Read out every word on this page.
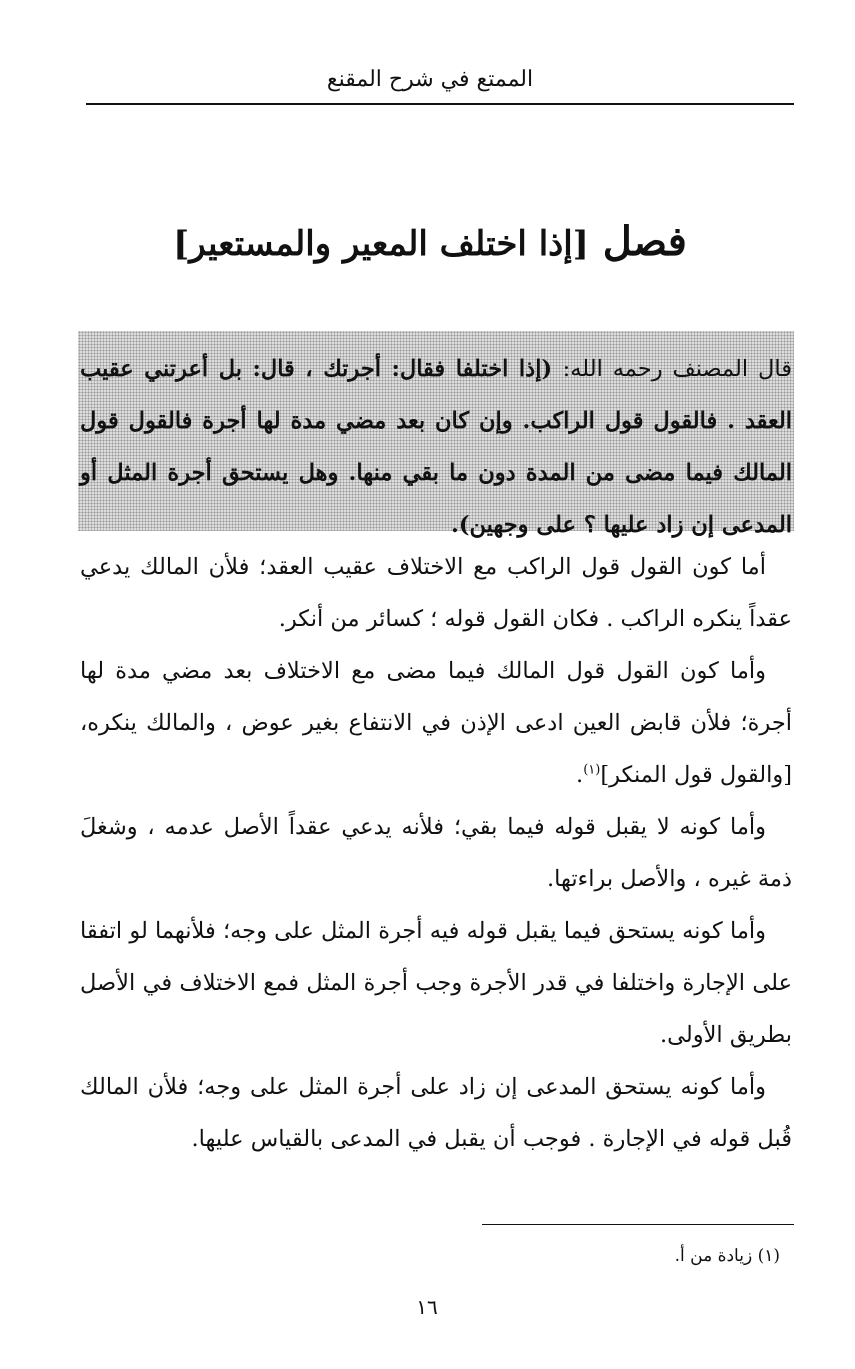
الممتع في شرح المقنع
فصل [إذا اختلف المعير والمستعير]
قال المصنف رحمه الله: (إذا اختلفا فقال: أجرتك ، قال: بل أعرتني عقيب العقد . فالقول قول الراكب. وإن كان بعد مضي مدة لها أجرة فالقول قول المالك فيما مضى من المدة دون ما بقي منها. وهل يستحق أجرة المثل أو المدعى إن زاد عليها ؟ على وجهين).

أما كون القول قول الراكب مع الاختلاف عقيب العقد؛ فلأن المالك يدعي عقداً ينكره الراكب . فكان القول قوله ؛ كسائر من أنكر.

وأما كون القول قول المالك فيما مضى مع الاختلاف بعد مضي مدة لها أجرة؛ فلأن قابض العين ادعى الإذن في الانتفاع بغير عوض ، والمالك ينكره، [والقول قول المنكر]$^{(١)}$.

وأما كونه لا يقبل قوله فيما بقي؛ فلأنه يدعي عقداً الأصل عدمه ، وشغلَ ذمة غيره ، والأصل براءتها.

وأما كونه يستحق فيما يقبل قوله فيه أجرة المثل على وجه؛ فلأنهما لو اتفقا على الإجارة واختلفا في قدر الأجرة وجب أجرة المثل فمع الاختلاف في الأصل بطريق الأولى.

وأما كونه يستحق المدعى إن زاد على أجرة المثل على وجه؛ فلأن المالك قُبل قوله في الإجارة . فوجب أن يقبل في المدعى بالقياس عليها.

(١) زيادة من أ.
١٦
